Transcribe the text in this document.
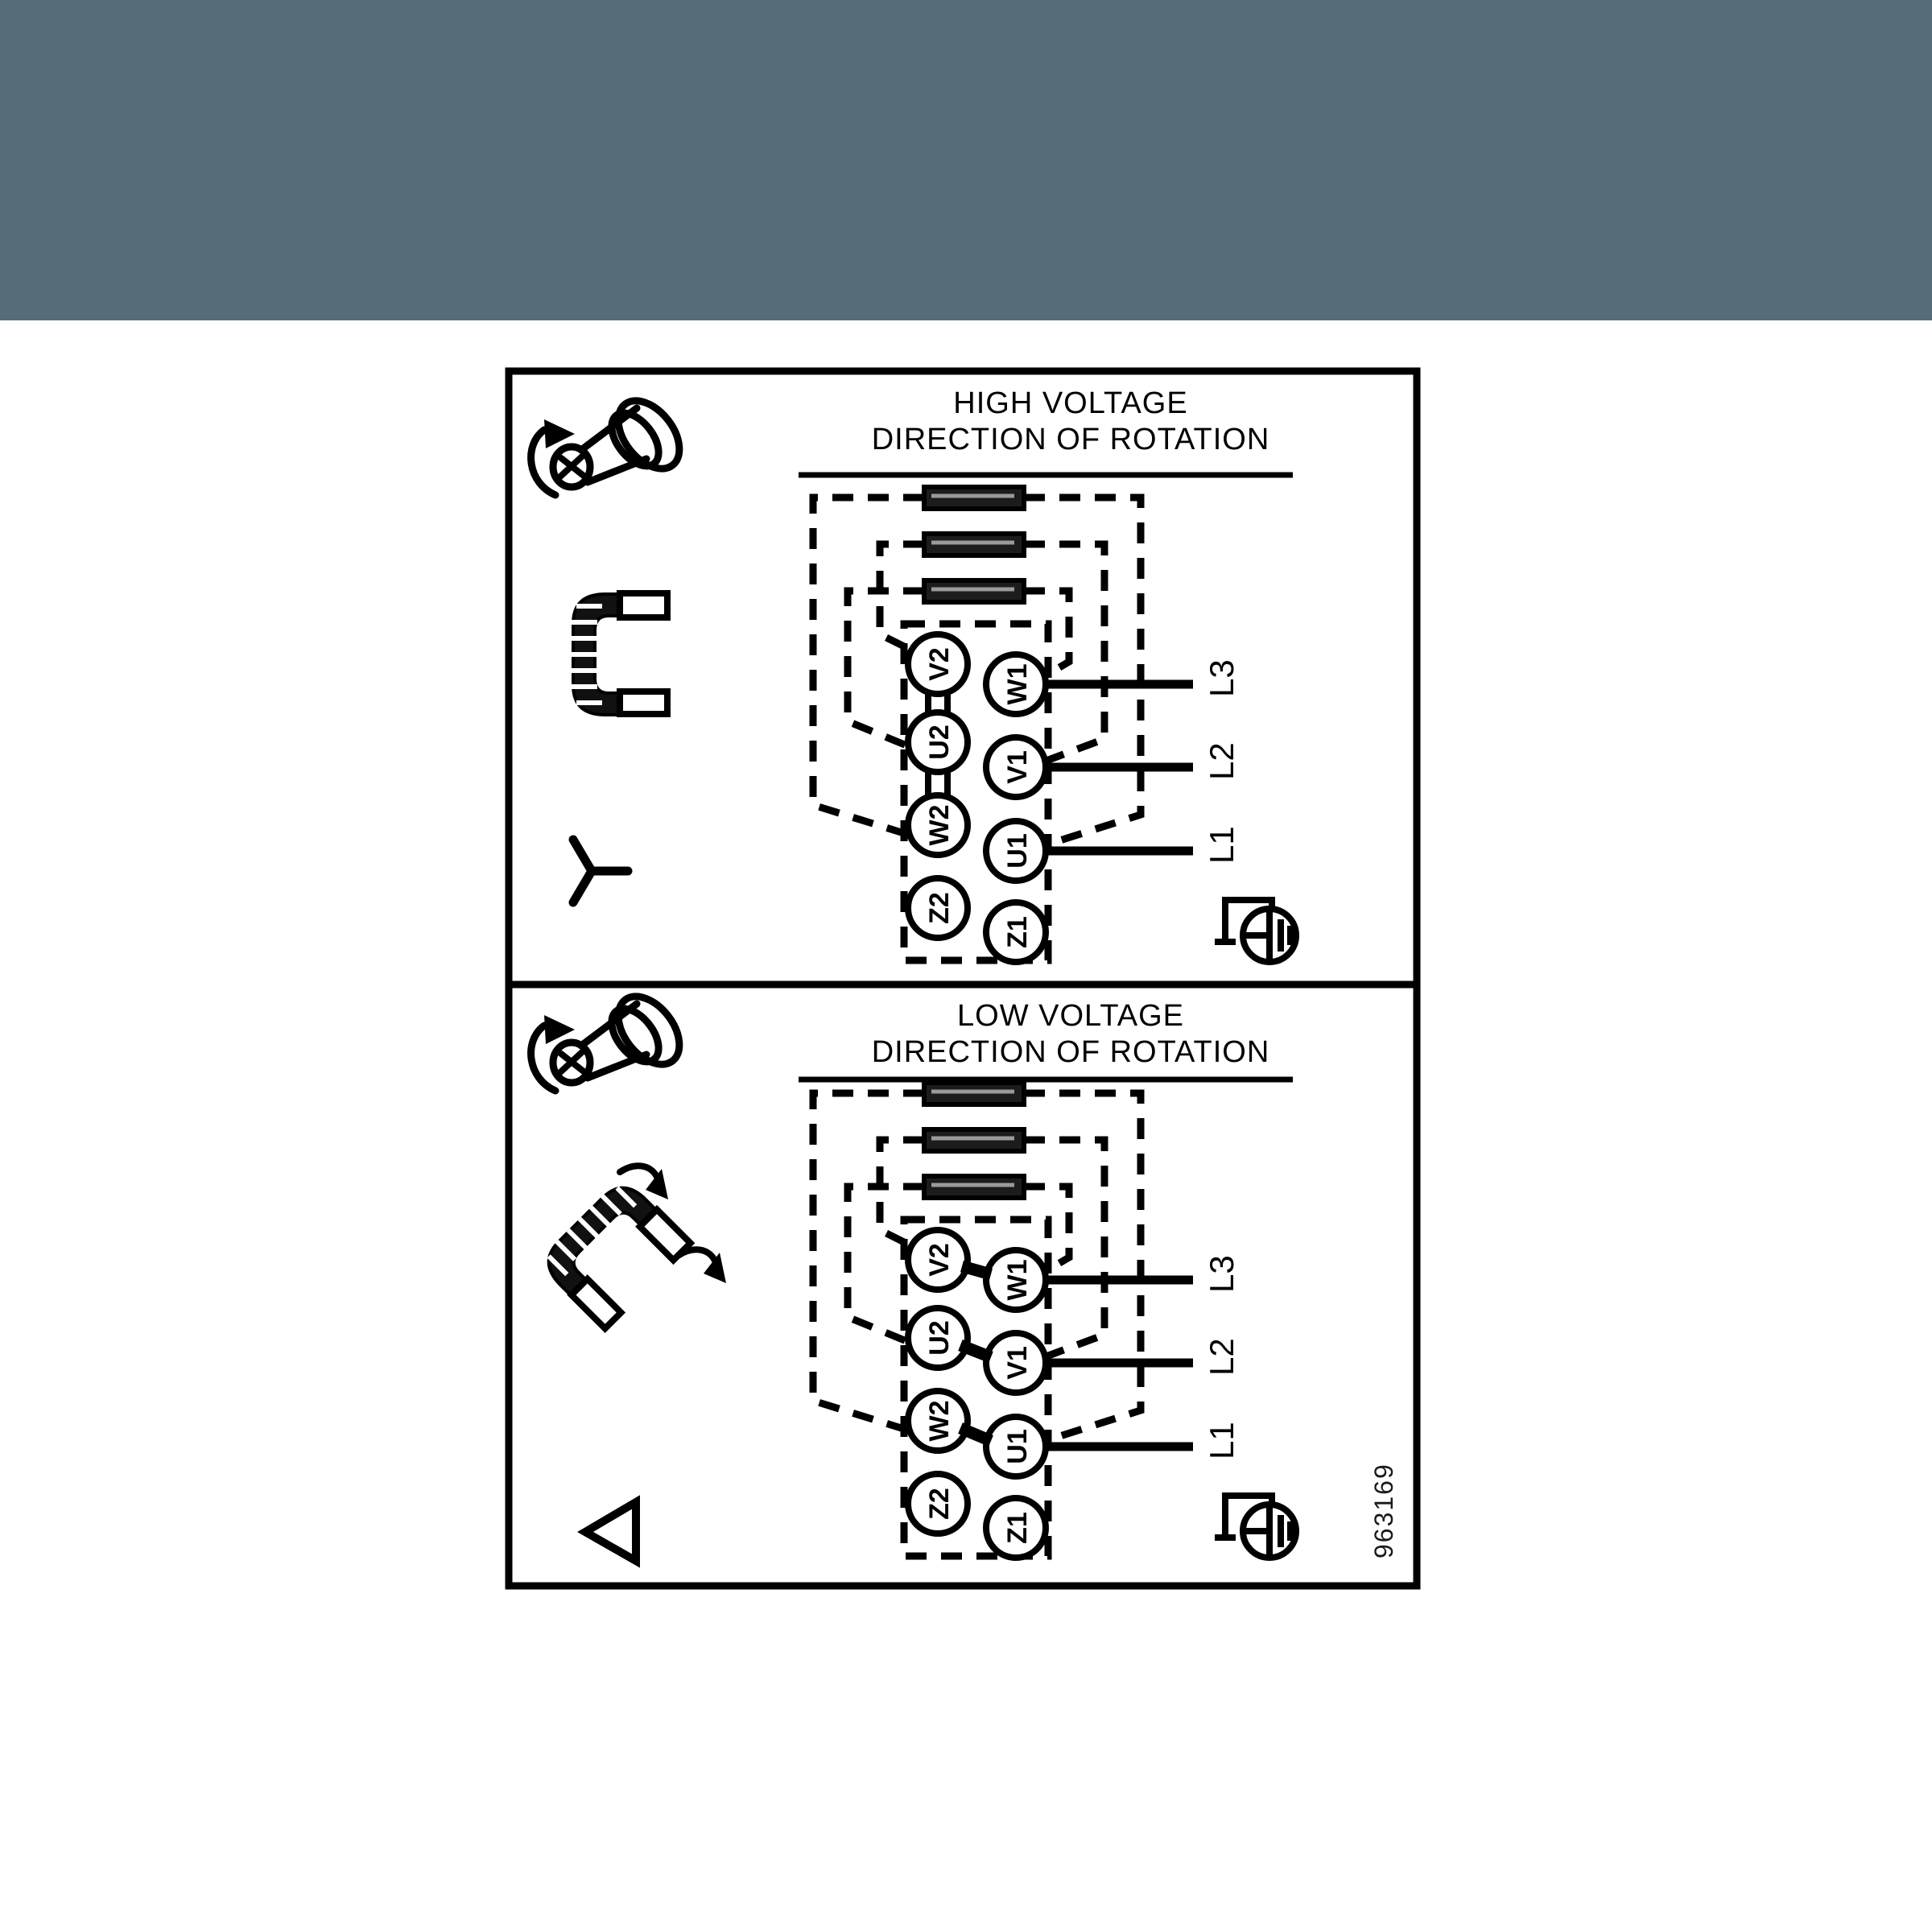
HIGH VOLTAGE
DIRECTION OF ROTATION
V2
U2
W2
Z2
W1
V1
U1
Z1
L3
L2
L1
LOW VOLTAGE
DIRECTION OF ROTATION
V2
U2
W2
Z2
W1
V1
U1
Z1
L3
L2
L1
963169
